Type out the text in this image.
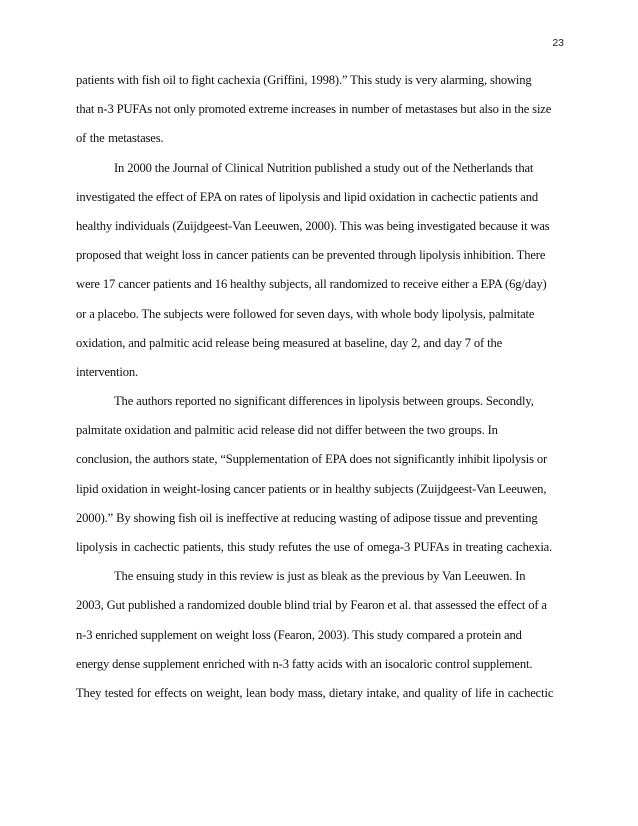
23
patients with fish oil to fight cachexia (Griffini, 1998).” This study is very alarming, showing
that n-3 PUFAs not only promoted extreme increases in number of metastases but also in the size
of the metastases.
In 2000 the Journal of Clinical Nutrition published a study out of the Netherlands that
investigated the effect of EPA on rates of lipolysis and lipid oxidation in cachectic patients and
healthy individuals (Zuijdgeest-Van Leeuwen, 2000). This was being investigated because it was
proposed that weight loss in cancer patients can be prevented through lipolysis inhibition. There
were 17 cancer patients and 16 healthy subjects, all randomized to receive either a EPA (6g/day)
or a placebo. The subjects were followed for seven days, with whole body lipolysis, palmitate
oxidation, and palmitic acid release being measured at baseline, day 2, and day 7 of the
intervention.
The authors reported no significant differences in lipolysis between groups. Secondly,
palmitate oxidation and palmitic acid release did not differ between the two groups. In
conclusion, the authors state, “Supplementation of EPA does not significantly inhibit lipolysis or
lipid oxidation in weight-losing cancer patients or in healthy subjects (Zuijdgeest-Van Leeuwen,
2000).” By showing fish oil is ineffective at reducing wasting of adipose tissue and preventing
lipolysis in cachectic patients, this study refutes the use of omega-3 PUFAs in treating cachexia.
The ensuing study in this review is just as bleak as the previous by Van Leeuwen. In
2003, Gut published a randomized double blind trial by Fearon et al. that assessed the effect of a
n-3 enriched supplement on weight loss (Fearon, 2003). This study compared a protein and
energy dense supplement enriched with n-3 fatty acids with an isocaloric control supplement.
They tested for effects on weight, lean body mass, dietary intake, and quality of life in cachectic
